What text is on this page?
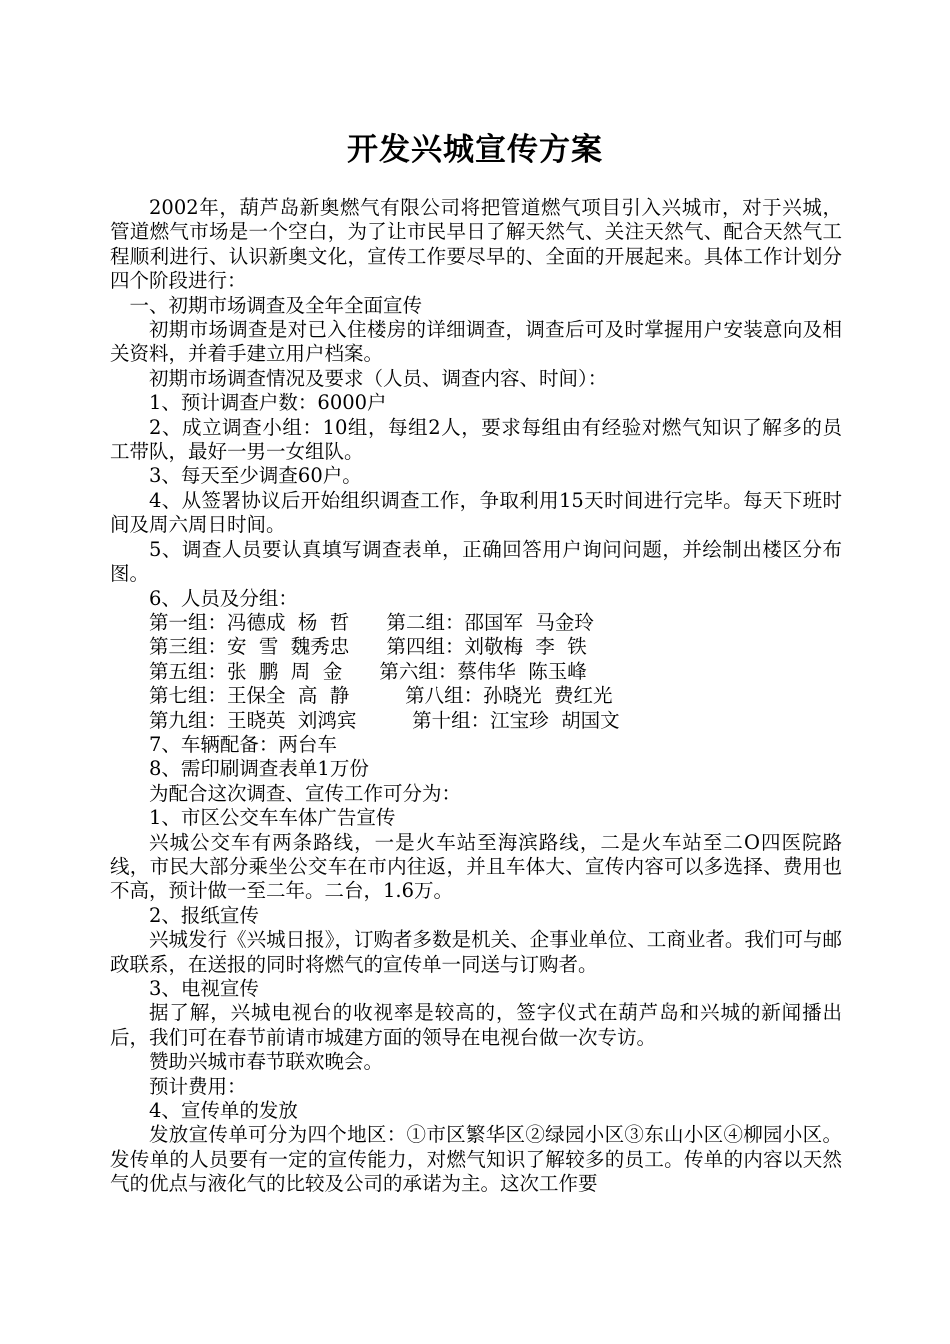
开发兴城宣传方案

2002年，葫芦岛新奥燃气有限公司将把管道燃气项目引入兴城市，对于兴城，管道燃气市场是一个空白，为了让市民早日了解天然气、关注天然气、配合天然气工程顺利进行、认识新奥文化，宣传工作要尽早的、全面的开展起来。具体工作计划分四个阶段进行：

一、初期市场调查及全年全面宣传

初期市场调查是对已入住楼房的详细调查，调查后可及时掌握用户安装意向及相关资料，并着手建立用户档案。

初期市场调查情况及要求（人员、调查内容、时间）：

1、预计调查户数：6000户

2、成立调查小组：10组，每组2人，要求每组由有经验对燃气知识了解多的员工带队，最好一男一女组队。

3、每天至少调查60户。

4、从签署协议后开始组织调查工作，争取利用15天时间进行完毕。每天下班时间及周六周日时间。

5、调查人员要认真填写调查表单，正确回答用户询问问题，并绘制出楼区分布图。

6、人员及分组：

第一组：冯德成  杨  哲      第二组：邵国军  马金玲

第三组：安  雪  魏秀忠      第四组：刘敬梅  李  铁

第五组：张  鹏  周  金      第六组：蔡伟华  陈玉峰

第七组：王保全  高  静         第八组：孙晓光  费红光

第九组：王晓英  刘鸿宾         第十组：江宝珍  胡国文

7、车辆配备：两台车

8、需印刷调查表单1万份

为配合这次调查、宣传工作可分为：

1、市区公交车车体广告宣传

兴城公交车有两条路线，一是火车站至海滨路线，二是火车站至二O四医院路线，市民大部分乘坐公交车在市内往返，并且车体大、宣传内容可以多选择、费用也不高，预计做一至二年。二台，1.6万。

2、报纸宣传

兴城发行《兴城日报》，订购者多数是机关、企事业单位、工商业者。我们可与邮政联系，在送报的同时将燃气的宣传单一同送与订购者。

3、电视宣传

据了解，兴城电视台的收视率是较高的，签字仪式在葫芦岛和兴城的新闻播出后，我们可在春节前请市城建方面的领导在电视台做一次专访。

赞助兴城市春节联欢晚会。

预计费用：

4、宣传单的发放

发放宣传单可分为四个地区：①市区繁华区②绿园小区③东山小区④柳园小区。发传单的人员要有一定的宣传能力，对燃气知识了解较多的员工。传单的内容以天然气的优点与液化气的比较及公司的承诺为主。这次工作要
